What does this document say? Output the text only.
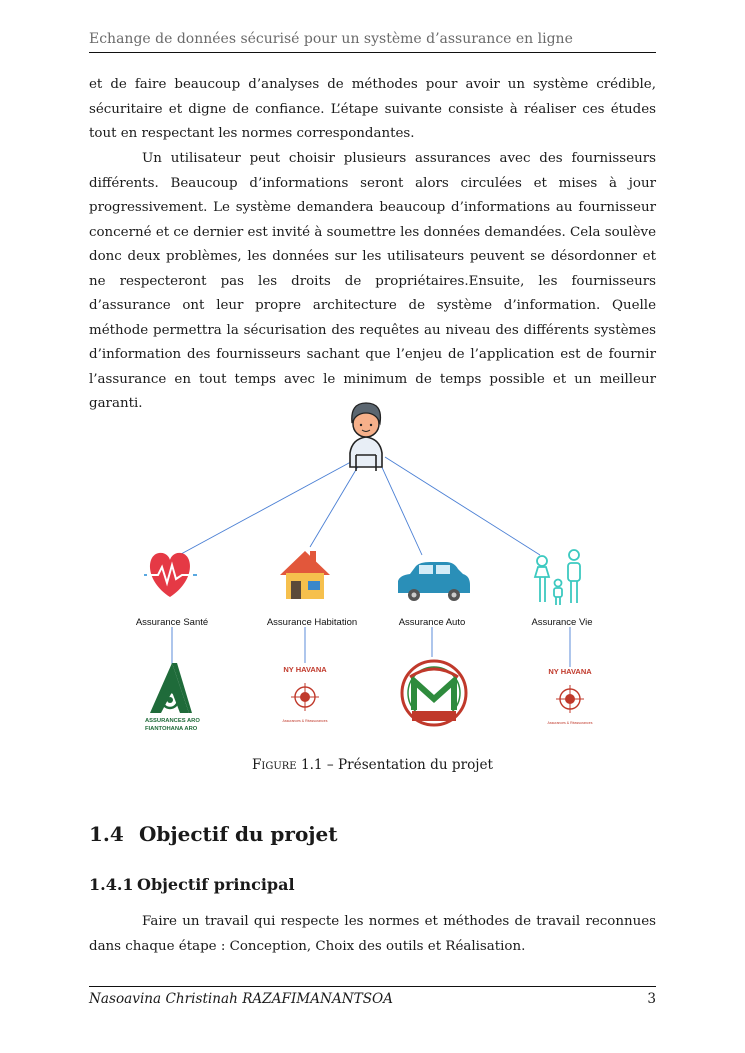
Echange de données sécurisé pour un système d’assurance en ligne

et de faire beaucoup d’analyses de méthodes pour avoir un système crédible, sécuritaire et digne de confiance. L’étape suivante consiste à réaliser ces études tout en respectant les normes correspondantes.

Un utilisateur peut choisir plusieurs assurances avec des fournisseurs différents. Beaucoup d’informations seront alors circulées et mises à jour progressivement. Le système demandera beaucoup d’informations au fournisseur concerné et ce dernier est invité à soumettre les données demandées. Cela soulève donc deux problèmes, les données sur les utilisateurs peuvent se désordonner et ne respecteront pas les droits de propriétaires.Ensuite, les fournisseurs d’assurance ont leur propre architecture de système d’information. Quelle méthode permettra la sécurisation des requêtes au niveau des différents systèmes d’information des fournisseurs sachant que l’enjeu de l’application est de fournir l’assurance en tout temps avec le minimum de temps possible et un meilleur garanti.

Assurance Santé	Assurance Habitation	Assurance Auto	Assurance Vie
ASSURANCES ARO
FIANTOHANA ARO
NY HAVANA
Assurances & Réassurances
NY HAVANA
Assurances & Réassurances
Figure 1.1 – Présentation du projet
1.4 Objectif du projet
1.4.1 Objectif principal

Faire un travail qui respecte les normes et méthodes de travail reconnues dans chaque étape : Conception, Choix des outils et Réalisation.

Nasoavina Christinah RAZAFIMANANTSOA	3
